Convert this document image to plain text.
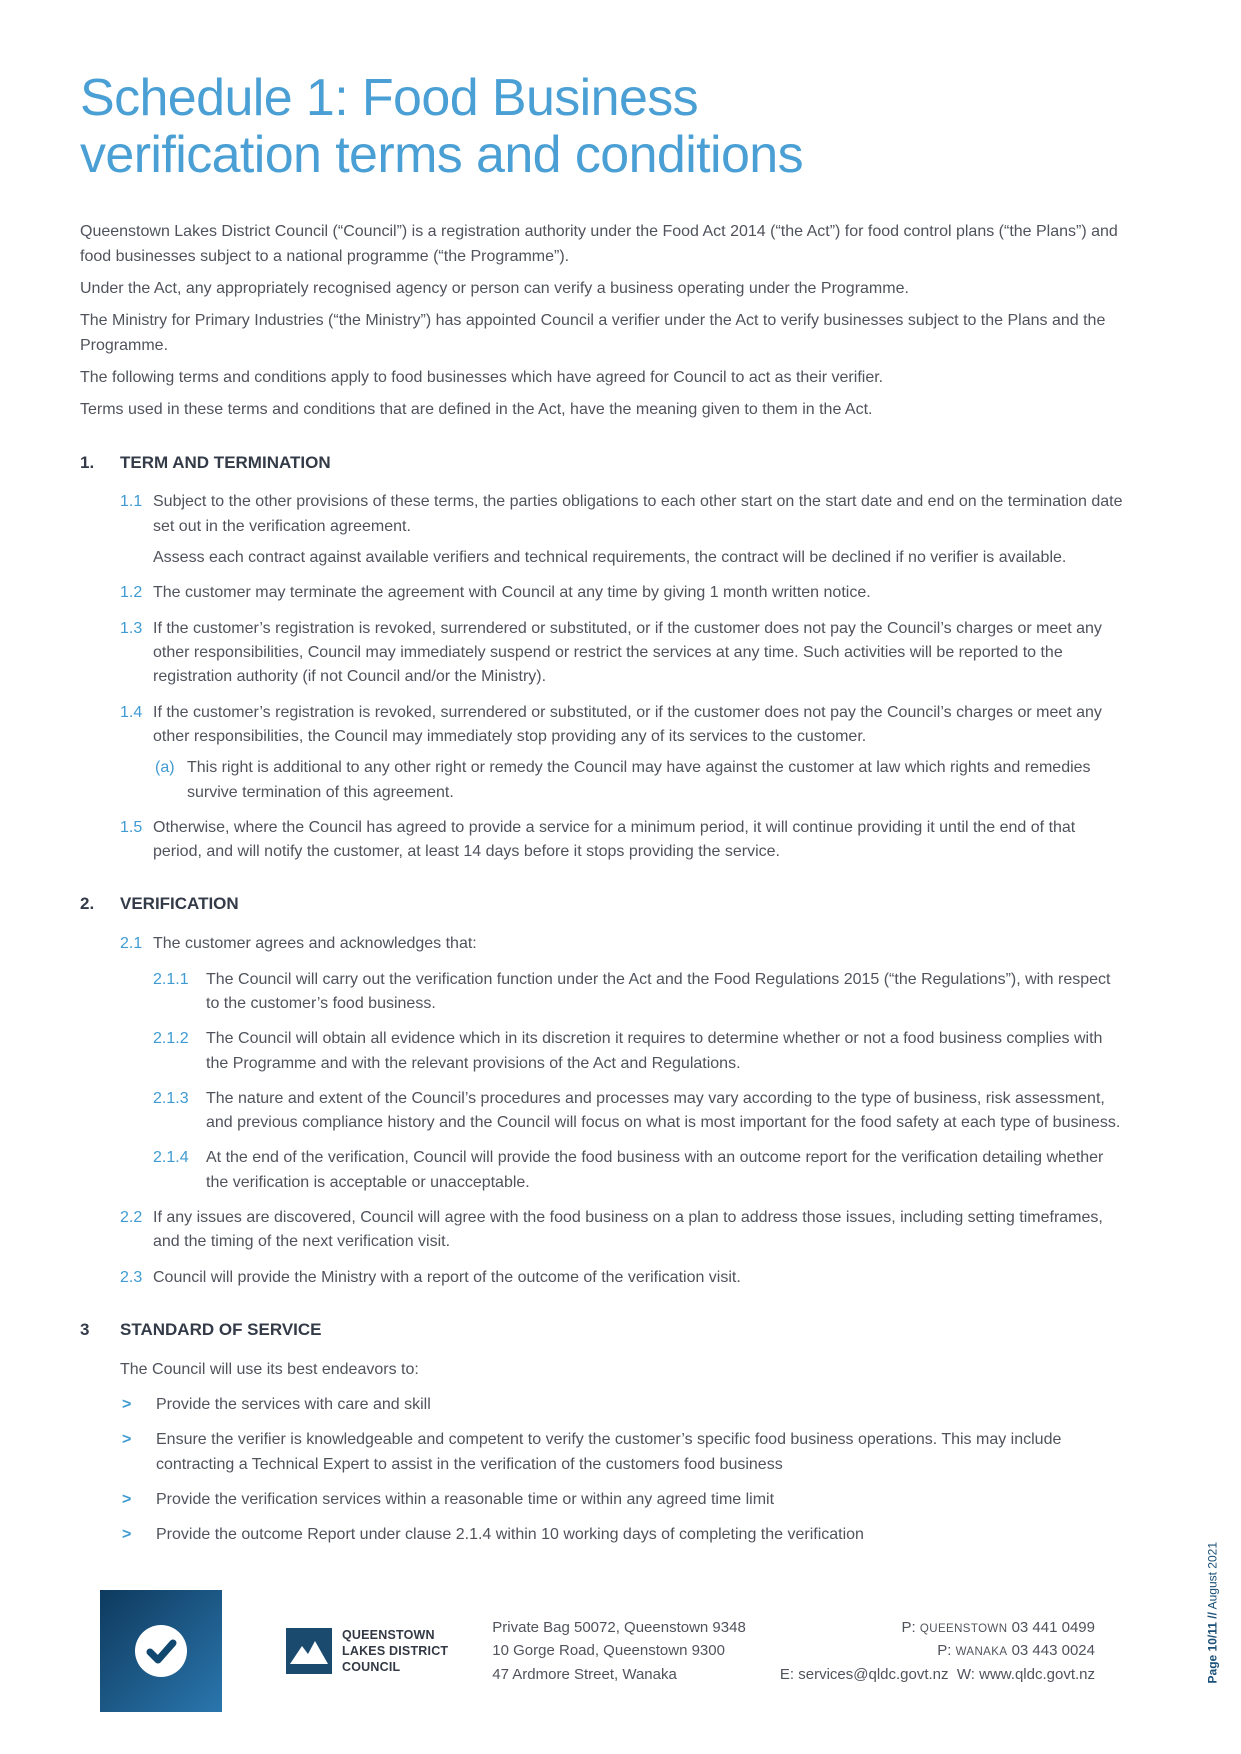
Schedule 1: Food Business
verification terms and conditions

Queenstown Lakes District Council (“Council”) is a registration authority under the Food Act 2014 (“the Act”) for food control plans (“the Plans”) and food businesses subject to a national programme (“the Programme”).

Under the Act, any appropriately recognised agency or person can verify a business operating under the Programme.

The Ministry for Primary Industries (“the Ministry”) has appointed Council a verifier under the Act to verify businesses subject to the Plans and the Programme.

The following terms and conditions apply to food businesses which have agreed for Council to act as their verifier.

Terms used in these terms and conditions that are defined in the Act, have the meaning given to them in the Act.

1.	TERM AND TERMINATION
1.1 Subject to the other provisions of these terms, the parties obligations to each other start on the start date and end on the termination date set out in the verification agreement.

Assess each contract against available verifiers and technical requirements, the contract will be declined if no verifier is available.

1.2 The customer may terminate the agreement with Council at any time by giving 1 month written notice.

1.3 If the customer’s registration is revoked, surrendered or substituted, or if the customer does not pay the Council’s charges or meet any other responsibilities, Council may immediately suspend or restrict the services at any time. Such activities will be reported to the registration authority (if not Council and/or the Ministry).

1.4 If the customer’s registration is revoked, surrendered or substituted, or if the customer does not pay the Council’s charges or meet any other responsibilities, the Council may immediately stop providing any of its services to the customer.

(a) This right is additional to any other right or remedy the Council may have against the customer at law which rights and remedies survive termination of this agreement.

1.5 Otherwise, where the Council has agreed to provide a service for a minimum period, it will continue providing it until the end of that period, and will notify the customer, at least 14 days before it stops providing the service.

2.	VERIFICATION
2.1 The customer agrees and acknowledges that:

2.1.1	The Council will carry out the verification function under the Act and the Food Regulations 2015 (“the Regulations”), with respect to the customer’s food business.

2.1.2	The Council will obtain all evidence which in its discretion it requires to determine whether or not a food business complies with the Programme and with the relevant provisions of the Act and Regulations.

2.1.3	The nature and extent of the Council’s procedures and processes may vary according to the type of business, risk assessment, and previous compliance history and the Council will focus on what is most important for the food safety at each type of business.

2.1.4	At the end of the verification, Council will provide the food business with an outcome report for the verification detailing whether the verification is acceptable or unacceptable.

2.2 If any issues are discovered, Council will agree with the food business on a plan to address those issues, including setting timeframes, and the timing of the next verification visit.

2.3 Council will provide the Ministry with a report of the outcome of the verification visit.

3	STANDARD OF SERVICE

The Council will use its best endeavors to:

>	Provide the services with care and skill

>	Ensure the verifier is knowledgeable and competent to verify the customer’s specific food business operations. This may include contracting a Technical Expert to assist in the verification of the customers food business

>	Provide the verification services within a reasonable time or within any agreed time limit

>	Provide the outcome Report under clause 2.1.4 within 10 working days of completing the verification

QUEENSTOWN
LAKES DISTRICT
COUNCIL
Private Bag 50072, Queenstown 9348
10 Gorge Road, Queenstown 9300
47 Ardmore Street, Wanaka
P: QUEENSTOWN 03 441 0499
P: WANAKA 03 443 0024
E: services@qldc.govt.nz W: www.qldc.govt.nz	Page 10/11 // August 2021
